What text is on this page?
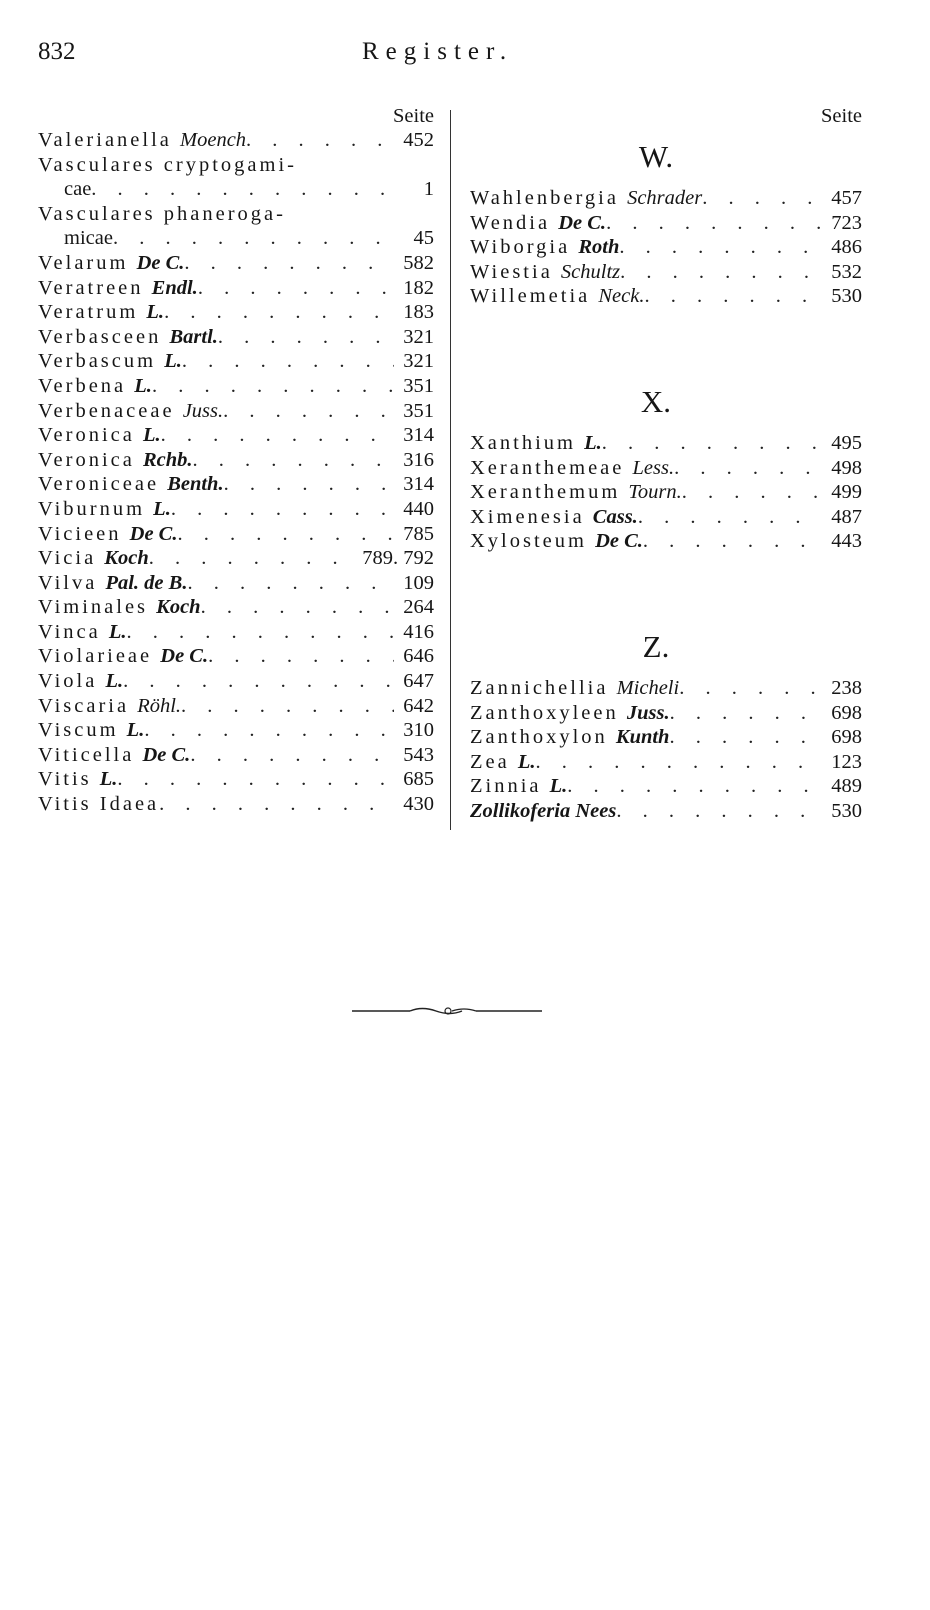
832	Register.
Seite
Valerianella Moench . . .	452
Vasculares cryptogami-
cae . . .	1
Vasculares phaneroga-
micae . . .	45
Velarum De C. . . .	582
Veratreen Endl. . . .	182
Veratrum L. . . .	183
Verbasceen Bartl. . . .	321
Verbascum L. . . .	321
Verbena L. . . .	351
Verbenaceae Juss. . . .	351
Veronica L. . . .	314
Veronica Rchb. . . .	316
Veroniceae Benth. . . .	314
Viburnum L. . . .	440
Vicieen De C. . . .	785
Vicia Koch . . .	789. 792
Vilva Pal. de B. . . .	109
Viminales Koch . . .	264
Vinca L. . . .	416
Violarieae De C. . . .	646
Viola L. . . .	647
Viscaria Röhl. . . .	642
Viscum L. . . .	310
Viticella De C. . . .	543
Vitis L. . . .	685
Vitis Idaea . . .	430
Seite
W.
Wahlenbergia Schrader . . .	457
Wendia De C. . . .	723
Wiborgia Roth . . .	486
Wiestia Schultz . . .	532
Willemetia Neck. . . .	530
X.
Xanthium L. . . .	495
Xeranthemeae Less. . . .	498
Xeranthemum Tourn. . . .	499
Ximenesia Cass. . . .	487
Xylosteum De C. . . .	443
Z.
Zannichellia Micheli . . .	238
Zanthoxyleen Juss. . . .	698
Zanthoxylon Kunth . . .	698
Zea L. . . .	123
Zinnia L. . . .	489
Zollikoferia Nees . . .	530
